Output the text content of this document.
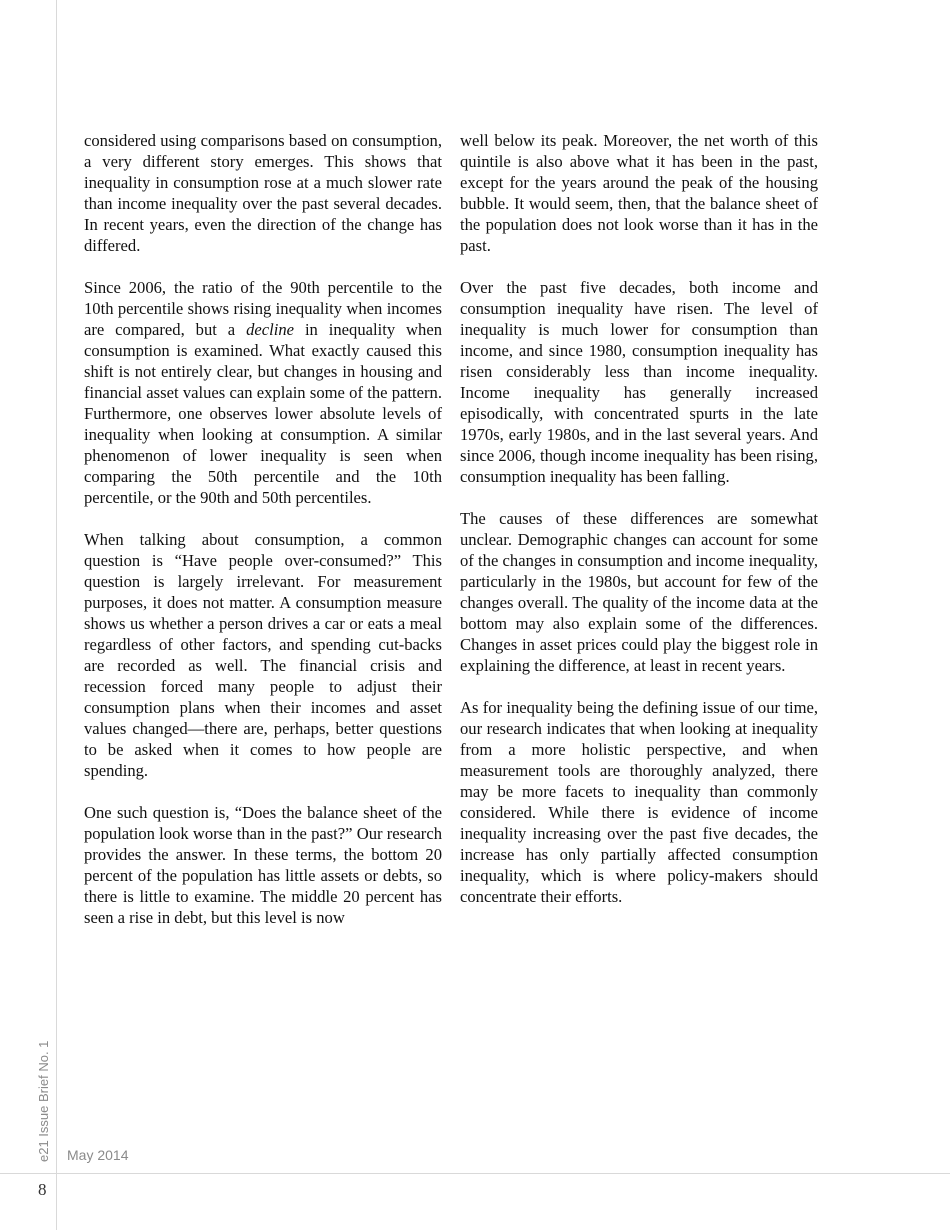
considered using comparisons based on consumption, a very different story emerges. This shows that inequality in consumption rose at a much slower rate than income inequality over the past several decades. In recent years, even the direction of the change has differed.

Since 2006, the ratio of the 90th percentile to the 10th percentile shows rising inequality when incomes are compared, but a decline in inequality when consumption is examined. What exactly caused this shift is not entirely clear, but changes in housing and financial asset values can explain some of the pattern. Furthermore, one observes lower absolute levels of inequality when looking at consumption. A similar phenomenon of lower inequality is seen when comparing the 50th percentile and the 10th percentile, or the 90th and 50th percentiles.

When talking about consumption, a common question is “Have people over-consumed?” This question is largely irrelevant. For measurement purposes, it does not matter. A consumption measure shows us whether a person drives a car or eats a meal regardless of other factors, and spending cut-backs are recorded as well. The financial crisis and recession forced many people to adjust their consumption plans when their incomes and asset values changed—there are, perhaps, better questions to be asked when it comes to how people are spending.

One such question is, “Does the balance sheet of the population look worse than in the past?” Our research provides the answer. In these terms, the bottom 20 percent of the population has little assets or debts, so there is little to examine. The middle 20 percent has seen a rise in debt, but this level is now

well below its peak. Moreover, the net worth of this quintile is also above what it has been in the past, except for the years around the peak of the housing bubble. It would seem, then, that the balance sheet of the population does not look worse than it has in the past.

Over the past five decades, both income and consumption inequality have risen. The level of inequality is much lower for consumption than income, and since 1980, consumption inequality has risen considerably less than income inequality. Income inequality has generally increased episodically, with concentrated spurts in the late 1970s, early 1980s, and in the last several years. And since 2006, though income inequality has been rising, consumption inequality has been falling.

The causes of these differences are somewhat unclear. Demographic changes can account for some of the changes in consumption and income inequality, particularly in the 1980s, but account for few of the changes overall. The quality of the income data at the bottom may also explain some of the differences. Changes in asset prices could play the biggest role in explaining the difference, at least in recent years.

As for inequality being the defining issue of our time, our research indicates that when looking at inequality from a more holistic perspective, and when measurement tools are thoroughly analyzed, there may be more facets to inequality than commonly considered. While there is evidence of income inequality increasing over the past five decades, the increase has only partially affected consumption inequality, which is where policy-makers should concentrate their efforts.

e21 Issue Brief No. 1 May 2014
8
